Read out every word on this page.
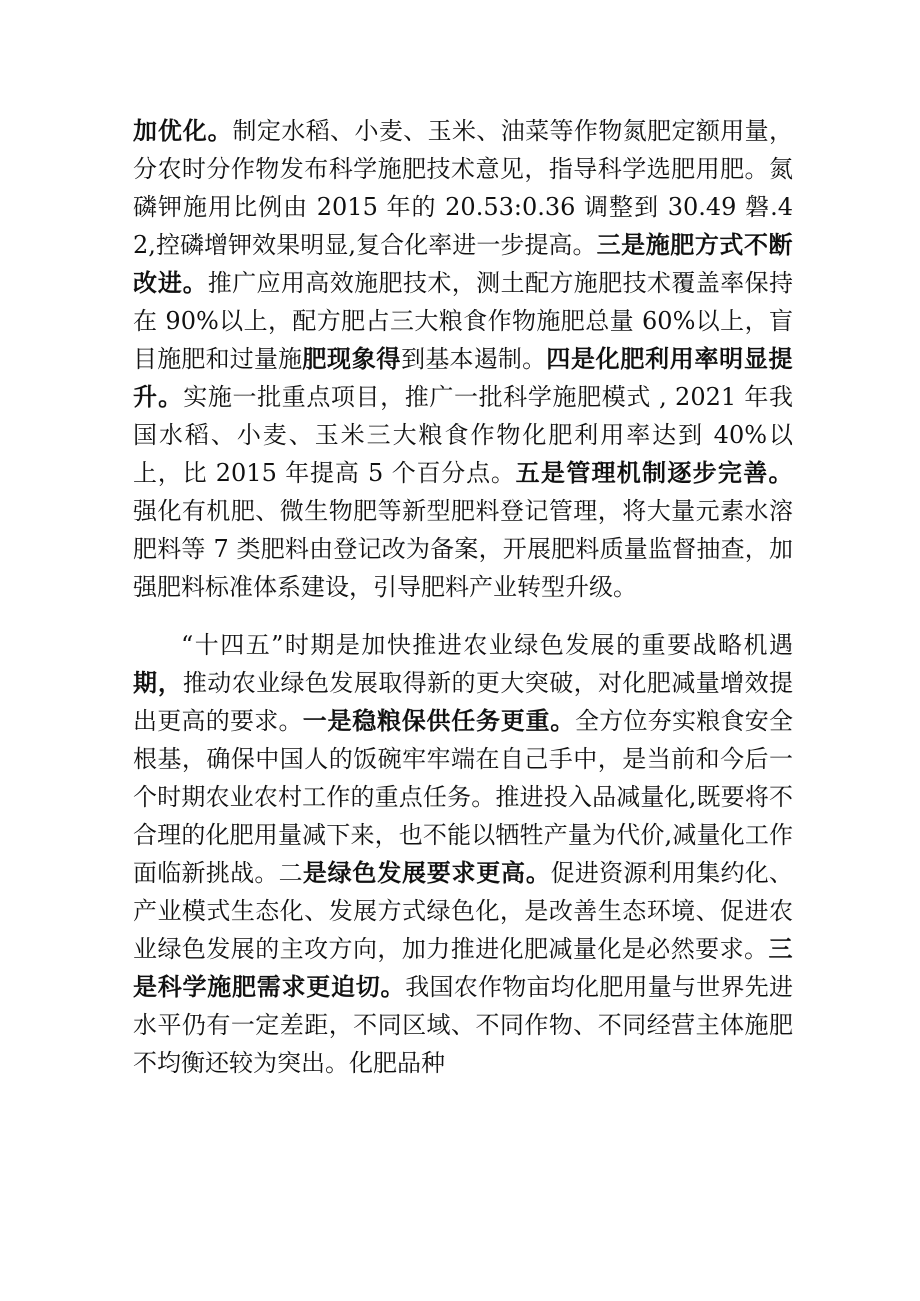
加优化。制定水稻、小麦、玉米、油菜等作物氮肥定额用量，分农时分作物发布科学施肥技术意见，指导科学选肥用肥。氮磷钾施用比例由 2015 年的 20.53:0.36 调整到 30.49 磐.42,控磷增钾效果明显,复合化率进一步提高。三是施肥方式不断改进。推广应用高效施肥技术，测土配方施肥技术覆盖率保持在 90%以上，配方肥占三大粮食作物施肥总量 60%以上，盲目施肥和过量施肥现象得到基本遏制。四是化肥利用率明显提升。实施一批重点项目，推广一批科学施肥模式 , 2021 年我国水稻、小麦、玉米三大粮食作物化肥利用率达到 40%以上，比 2015 年提高 5 个百分点。五是管理机制逐步完善。强化有机肥、微生物肥等新型肥料登记管理，将大量元素水溶肥料等 7 类肥料由登记改为备案，开展肥料质量监督抽查，加强肥料标准体系建设，引导肥料产业转型升级。

“十四五”时期是加快推进农业绿色发展的重要战略机遇期，推动农业绿色发展取得新的更大突破，对化肥减量增效提出更高的要求。一是稳粮保供任务更重。全方位夯实粮食安全根基，确保中国人的饭碗牢牢端在自己手中，是当前和今后一个时期农业农村工作的重点任务。推进投入品减量化,既要将不合理的化肥用量减下来，也不能以牺牲产量为代价,减量化工作面临新挑战。二是绿色发展要求更高。促进资源利用集约化、产业模式生态化、发展方式绿色化，是改善生态环境、促进农业绿色发展的主攻方向，加力推进化肥减量化是必然要求。三是科学施肥需求更迫切。我国农作物亩均化肥用量与世界先进水平仍有一定差距，不同区域、不同作物、不同经营主体施肥不均衡还较为突出。化肥品种
